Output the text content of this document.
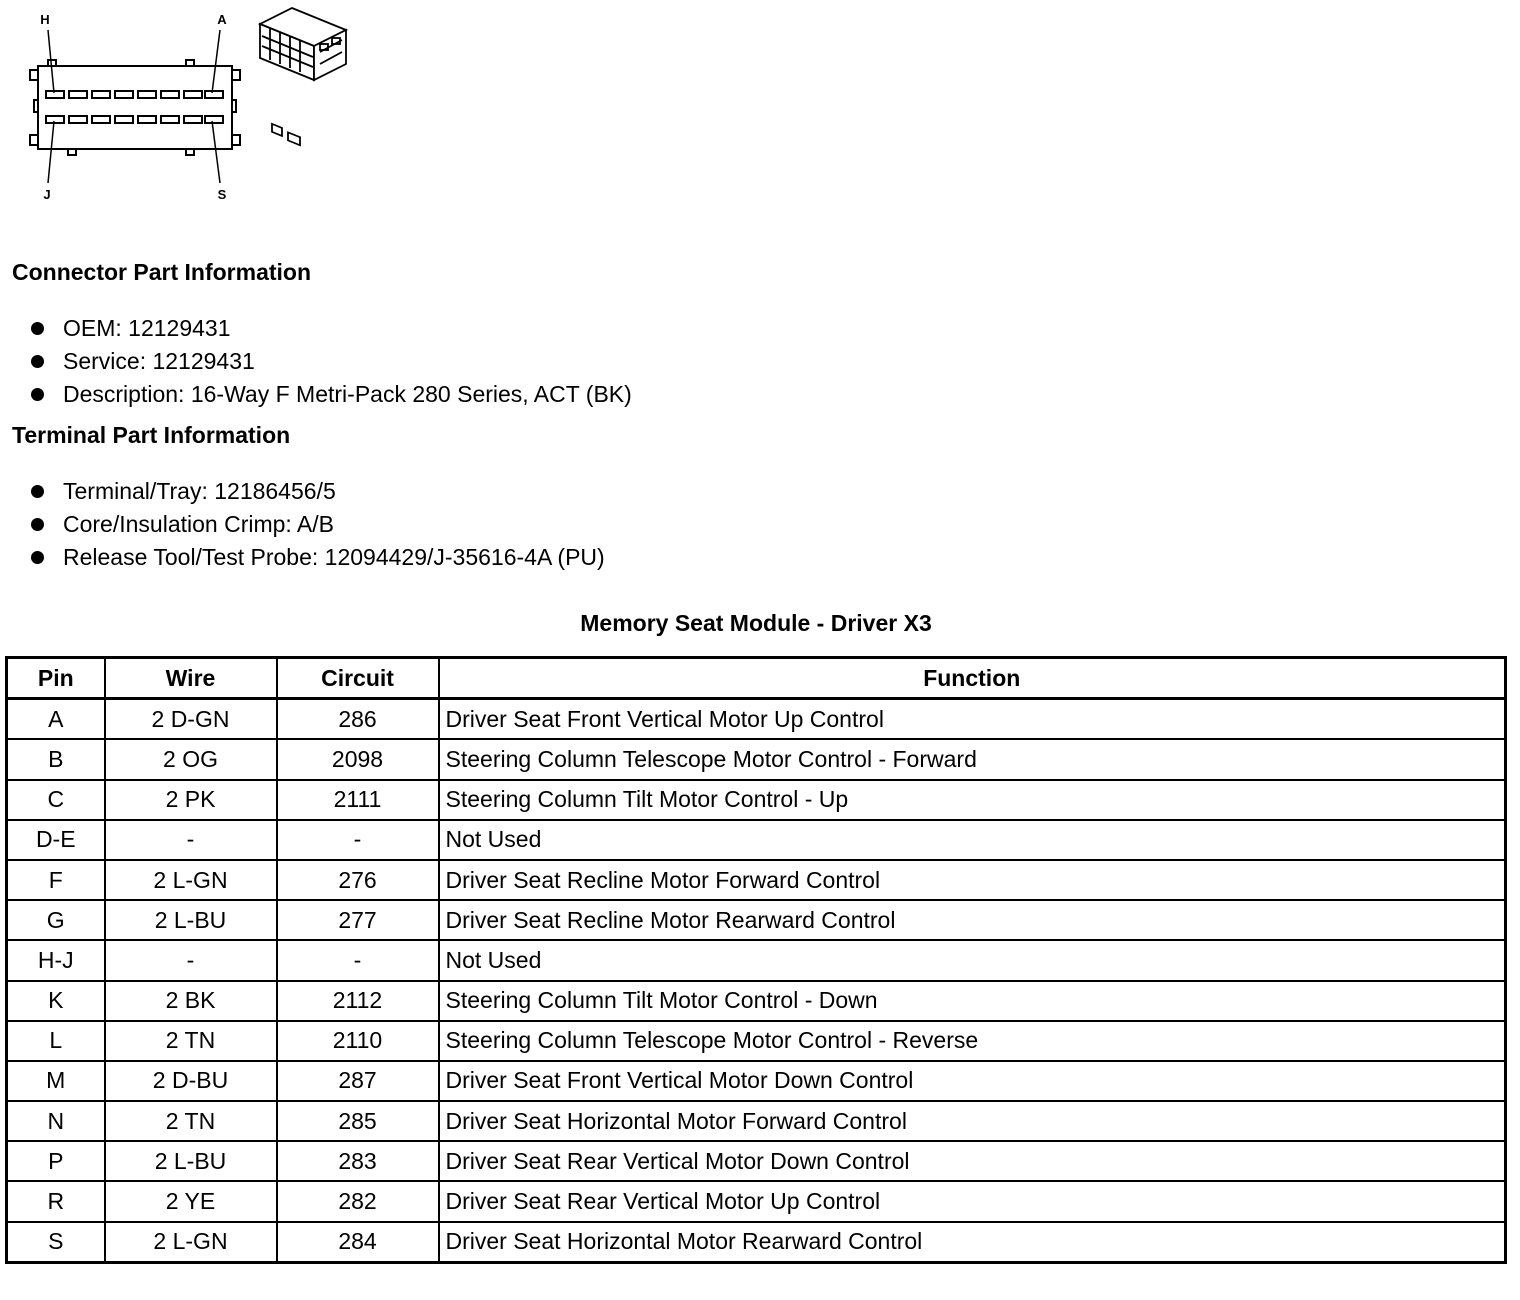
H	A
J	S
Connector Part Information
OEM: 12129431
Service: 12129431
Description: 16-Way F Metri-Pack 280 Series, ACT (BK)
Terminal Part Information
Terminal/Tray: 12186456/5
Core/Insulation Crimp: A/B
Release Tool/Test Probe: 12094429/J-35616-4A (PU)
Memory Seat Module - Driver X3
Pin	Wire	Circuit	Function
A	2 D-GN	286	Driver Seat Front Vertical Motor Up Control
B	2 OG	2098	Steering Column Telescope Motor Control - Forward
C	2 PK	2111	Steering Column Tilt Motor Control - Up
D-E	-	-	Not Used
F	2 L-GN	276	Driver Seat Recline Motor Forward Control
G	2 L-BU	277	Driver Seat Recline Motor Rearward Control
H-J	-	-	Not Used
K	2 BK	2112	Steering Column Tilt Motor Control - Down
L	2 TN	2110	Steering Column Telescope Motor Control - Reverse
M	2 D-BU	287	Driver Seat Front Vertical Motor Down Control
N	2 TN	285	Driver Seat Horizontal Motor Forward Control
P	2 L-BU	283	Driver Seat Rear Vertical Motor Down Control
R	2 YE	282	Driver Seat Rear Vertical Motor Up Control
S	2 L-GN	284	Driver Seat Horizontal Motor Rearward Control
